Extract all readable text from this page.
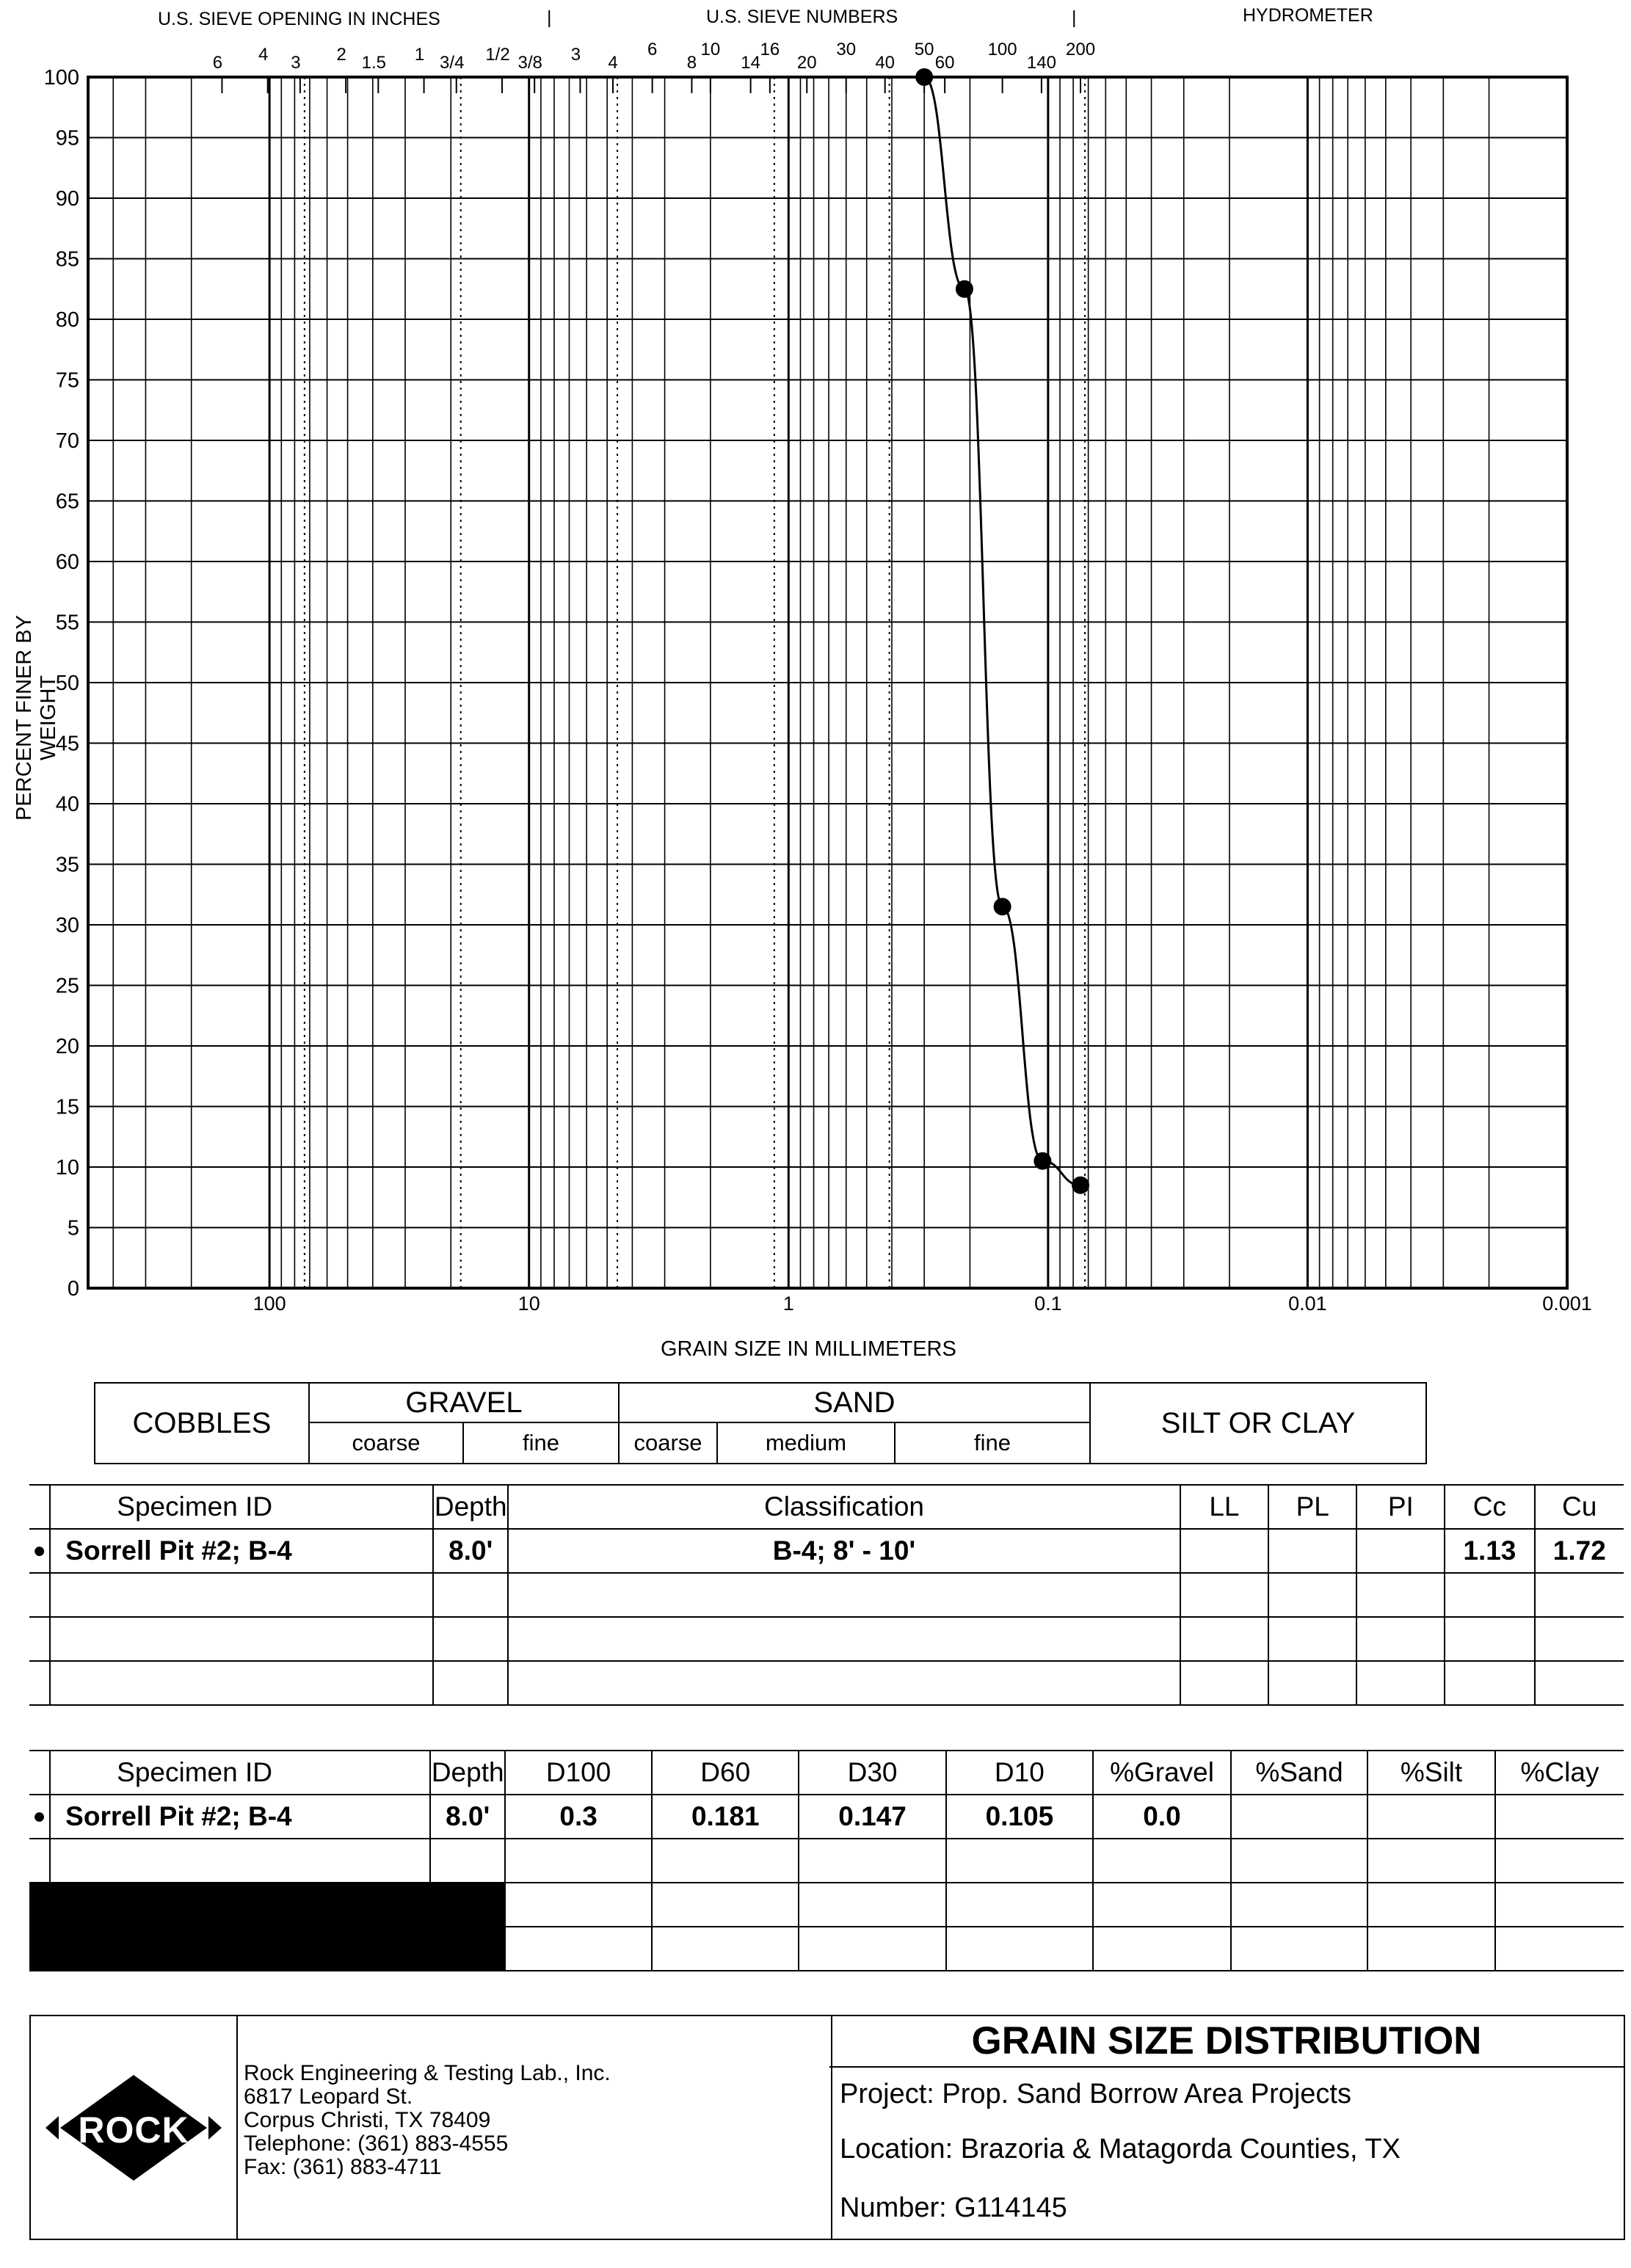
U.S. SIEVE OPENING IN INCHES	|	U.S. SIEVE NUMBERS	|	HYDROMETER
0
5
10
15
20
25
30
35
40
45
50
55
60
65
70
75
80
85
90
95
100
100	10	1	0.1	0.01	0.001
6 4 3 2 1.5 1 3/4 1/2 3/8 3 4
6
8
10
14
16
20
30
40
50
60
100
140
200
PERCENT FINER BY WEIGHT
GRAIN SIZE IN MILLIMETERS
COBBLES
GRAVEL
coarse	fine
SAND
coarse	medium	fine
SILT OR CLAY
	Specimen ID	Depth	Classification	LL	PL	PI	Cc	Cu
●	Sorrell Pit #2; B-4	8.0'	B-4; 8' - 10'				1.13	1.72

	Specimen ID	Depth	D100	D60	D30	D10	%Gravel	%Sand	%Silt	%Clay
●	Sorrell Pit #2; B-4	8.0'	0.3	0.181	0.147	0.105	0.0			

ROCK
Rock Engineering & Testing Lab., Inc.
6817 Leopard St.
Corpus Christi, TX 78409
Telephone: (361) 883-4555
Fax: (361) 883-4711
GRAIN SIZE DISTRIBUTION
Project: Prop. Sand Borrow Area Projects
Location: Brazoria & Matagorda Counties, TX
Number: G114145
